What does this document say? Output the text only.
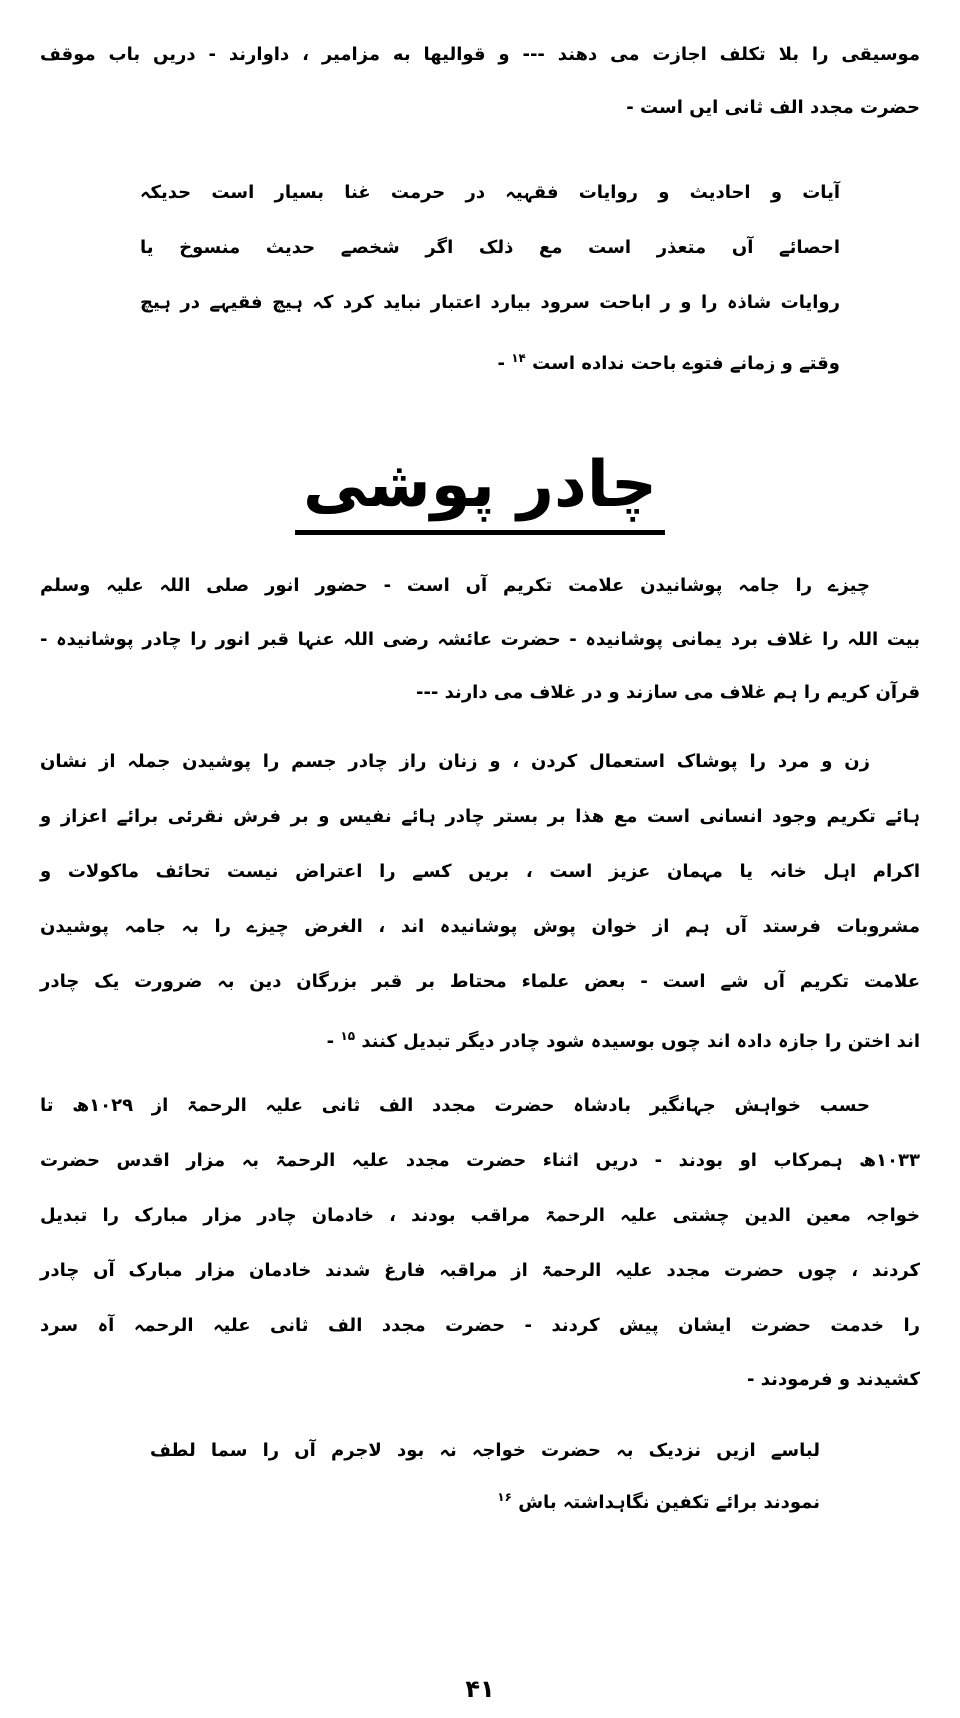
موسیقی را بلا تکلف اجازت می دهند --- و قوالیها به مزامیر ، داوارند - دریں باب موقف
حضرت مجدد الف ثانی ایں است -
آیات و احادیث و روایات فقہیہ در حرمت غنا بسیار است حدیکہ
احصائے آں متعذر است مع ذلک اگر شخصے حدیث منسوخ یا
روایات شاذہ را و ر اباحت سرود بیارد اعتبار نباید کرد کہ ہیچ فقیہے در ہیچ
وقتے و زمانے فتوے باحت نداده است $^{۱۴}$ -
چادر پوشی
چیزے را جامہ پوشانیدن علامت تکریم آں است - حضور انور صلی اللہ علیہ وسلم
بیت اللہ را غلاف برد یمانی پوشانیدہ - حضرت عائشہ رضی اللہ عنہا قبر انور را چادر پوشانیدہ -
قرآن کریم را ہم غلاف می سازند و در غلاف می دارند ---
زن و مرد را پوشاک استعمال کردن ، و زنان راز چادر جسم را پوشیدن جملہ از نشان
ہائے تکریم وجود انسانی است مع ھذا بر بستر چادر ہائے نفیس و بر فرش نقرئی برائے اعزاز و
اکرام اہل خانہ یا مہمان عزیز است ، بریں کسے را اعتراض نیست تحائف ماکولات و
مشروبات فرستد آں ہم از خوان پوش پوشانیدہ اند ، الغرض چیزے را بہ جامہ پوشیدن
علامت تکریم آں شے است - بعض علماء محتاط بر قبر بزرگان دین بہ ضرورت یک چادر
اند اختن را جازہ دادہ اند چوں بوسیدہ شود چادر دیگر تبدیل کنند $^{۱۵}$ -
حسب خواہش جہانگیر بادشاہ حضرت مجدد الف ثانی علیہ الرحمۃ از ۱۰۲۹ھ تا
۱۰۳۳ھ ہمرکاب او بودند - دریں اثناء حضرت مجدد علیہ الرحمۃ بہ مزار اقدس حضرت
خواجہ معین الدین چشتی علیہ الرحمۃ مراقب بودند ، خادمان چادر مزار مبارک را تبدیل
کردند ، چوں حضرت مجدد علیہ الرحمۃ از مراقبہ فارغ شدند خادمان مزار مبارک آں چادر
را خدمت حضرت ایشان پیش کردند - حضرت مجدد الف ثانی علیہ الرحمہ آہ سرد
کشیدند و فرمودند -
لباسے ازیں نزدیک بہ حضرت خواجہ نہ بود لاجرم آں را سما لطف
نمودند برائے تکفین نگاہداشتہ باش $^{۱۶}$
۴۱
